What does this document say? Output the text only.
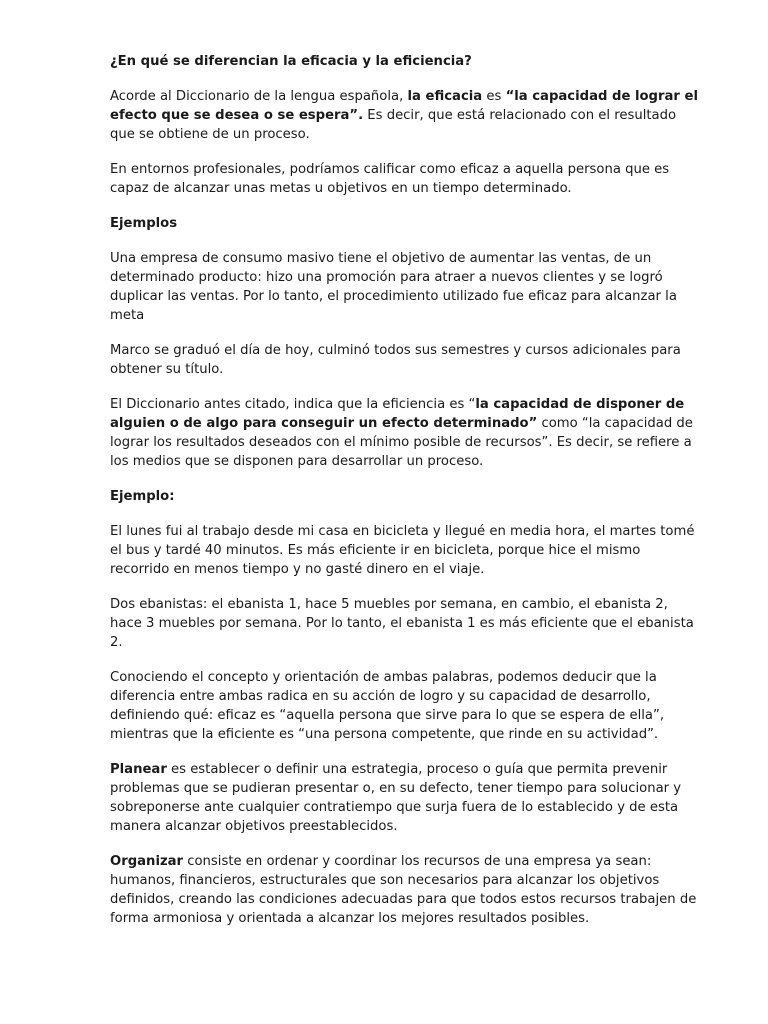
¿En qué se diferencian la eficacia y la eficiencia?

Acorde al Diccionario de la lengua española, la eficacia es “la capacidad de lograr el efecto que se desea o se espera”. Es decir, que está relacionado con el resultado que se obtiene de un proceso.

En entornos profesionales, podríamos calificar como eficaz a aquella persona que es capaz de alcanzar unas metas u objetivos en un tiempo determinado.

Ejemplos

Una empresa de consumo masivo tiene el objetivo de aumentar las ventas, de un determinado producto: hizo una promoción para atraer a nuevos clientes y se logró duplicar las ventas. Por lo tanto, el procedimiento utilizado fue eficaz para alcanzar la meta

Marco se graduó el día de hoy, culminó todos sus semestres y cursos adicionales para obtener su título.

El Diccionario antes citado, indica que la eficiencia es “la capacidad de disponer de alguien o de algo para conseguir un efecto determinado” como “la capacidad de lograr los resultados deseados con el mínimo posible de recursos”. Es decir, se refiere a los medios que se disponen para desarrollar un proceso.

Ejemplo:

El lunes fui al trabajo desde mi casa en bicicleta y llegué en media hora, el martes tomé el bus y tardé 40 minutos. Es más eficiente ir en bicicleta, porque hice el mismo recorrido en menos tiempo y no gasté dinero en el viaje.

Dos ebanistas: el ebanista 1, hace 5 muebles por semana, en cambio, el ebanista 2, hace 3 muebles por semana. Por lo tanto, el ebanista 1 es más eficiente que el ebanista 2.

Conociendo el concepto y orientación de ambas palabras, podemos deducir que la diferencia entre ambas radica en su acción de logro y su capacidad de desarrollo, definiendo qué: eficaz es “aquella persona que sirve para lo que se espera de ella”, mientras que la eficiente es “una persona competente, que rinde en su actividad”.

Planear es establecer o definir una estrategia, proceso o guía que permita prevenir problemas que se pudieran presentar o, en su defecto, tener tiempo para solucionar y sobreponerse ante cualquier contratiempo que surja fuera de lo establecido y de esta manera alcanzar objetivos preestablecidos.

Organizar consiste en ordenar y coordinar los recursos de una empresa ya sean: humanos, financieros, estructurales que son necesarios para alcanzar los objetivos definidos, creando las condiciones adecuadas para que todos estos recursos trabajen de forma armoniosa y orientada a alcanzar los mejores resultados posibles.
